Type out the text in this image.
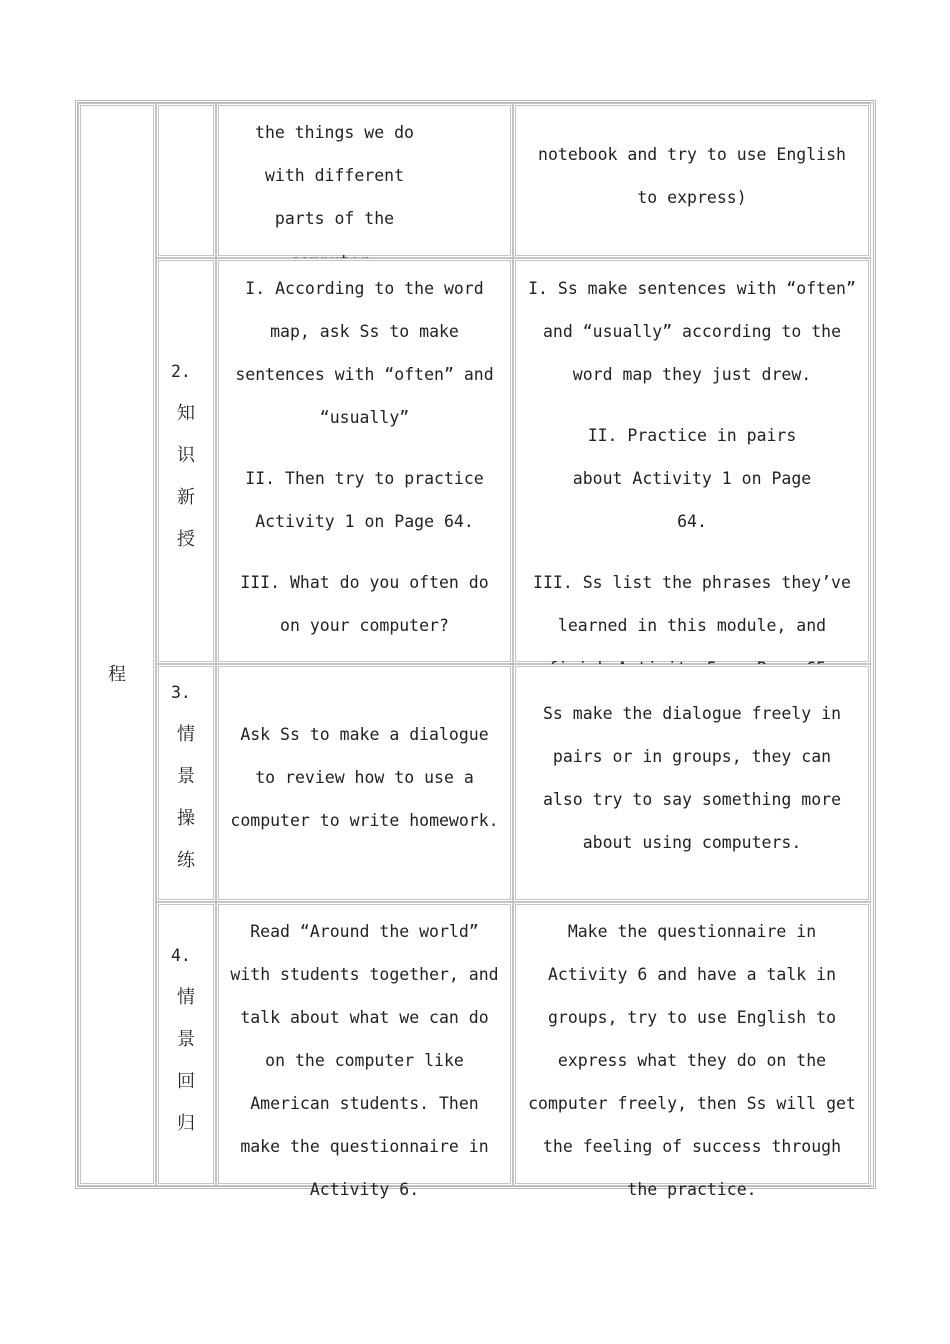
程

the things we do with different parts of the

notebook and try to use English to express)

2.
知
识
新
授

I. According to the word map, ask Ss to make sentences with “often” and “usually”

II. Then try to practice Activity 1 on Page 64.

III. What do you often do on your computer?

I. Ss make sentences with “often” and “usually” according to the word map they just drew.

II. Practice in pairs about Activity 1 on Page 64.

III. Ss list the phrases they’ve learned in this module, and

3.
情
景
操
练

Ask Ss to make a dialogue to review how to use a computer to write homework.

Ss make the dialogue freely in pairs or in groups, they can also try to say something more about using computers.

4.
情
景
回
归

Read “Around the world” with students together, and talk about what we can do on the computer like American students. Then make the questionnaire in Activity 6.

Make the questionnaire in Activity 6 and have a talk in groups, try to use English to express what they do on the computer freely, then Ss will get the feeling of success through the practice.
